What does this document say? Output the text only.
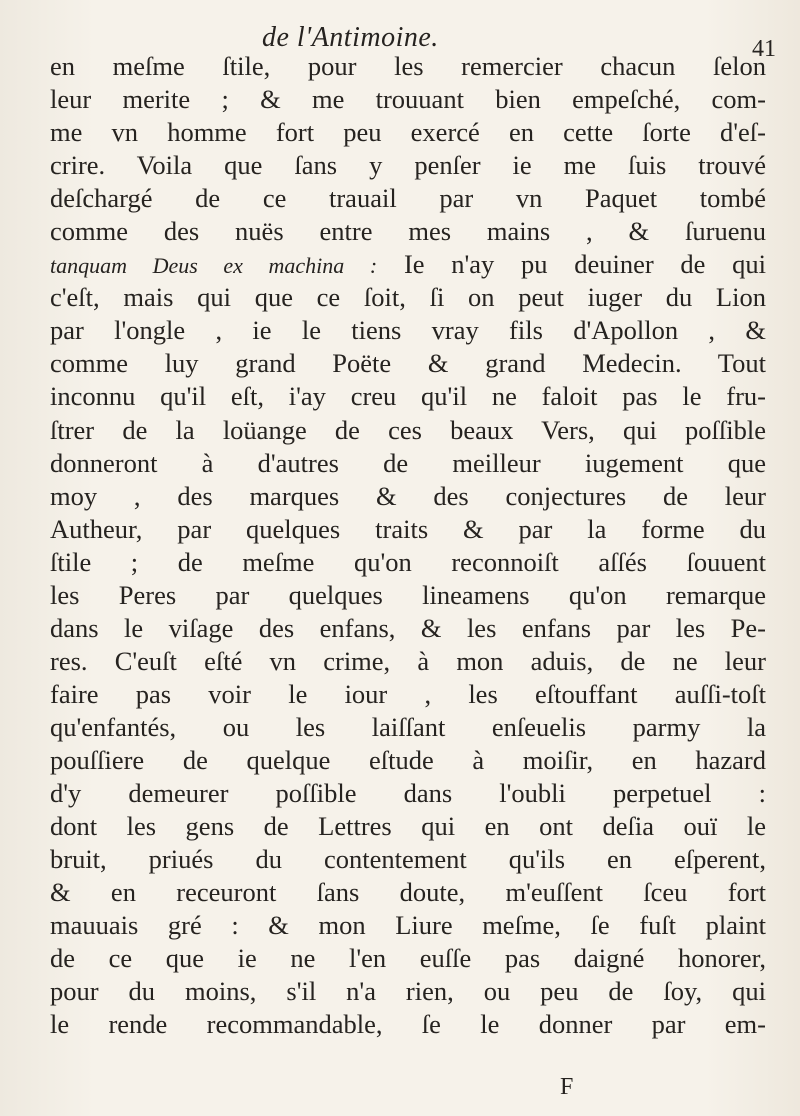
de l'Antimoine.	41
en meſme ſtile, pour les remercier chacun ſelon
leur merite ; & me trouuant bien empeſché, com-
me vn homme fort peu exercé en cette ſorte d'eſ-
crire. Voila que ſans y penſer ie me ſuis trouvé
deſchargé de ce trauail par vn Paquet tombé
comme des nuës entre mes mains , & ſuruenu
tanquam Deus ex machina : Ie n'ay pu deuiner de qui
c'eſt, mais qui que ce ſoit, ſi on peut iuger du Lion
par l'ongle , ie le tiens vray fils d'Apollon , &
comme luy grand Poëte & grand Medecin. Tout
inconnu qu'il eſt, i'ay creu qu'il ne faloit pas le fru-
ſtrer de la loüange de ces beaux Vers, qui poſſible
donneront à d'autres de meilleur iugement que
moy , des marques & des conjectures de leur
Autheur, par quelques traits & par la forme du
ſtile ; de meſme qu'on reconnoiſt aſſés ſouuent
les Peres par quelques lineamens qu'on remarque
dans le viſage des enfans, & les enfans par les Pe-
res. C'euſt eſté vn crime, à mon aduis, de ne leur
faire pas voir le iour , les eſtouffant auſſi-toſt
qu'enfantés, ou les laiſſant enſeuelis parmy la
pouſſiere de quelque eſtude à moiſir, en hazard
d'y demeurer poſſible dans l'oubli perpetuel :
dont les gens de Lettres qui en ont deſia ouï le
bruit, priués du contentement qu'ils en eſperent,
& en receuront ſans doute, m'euſſent ſceu fort
mauuais gré : & mon Liure meſme, ſe fuſt plaint
de ce que ie ne l'en euſſe pas daigné honorer,
pour du moins, s'il n'a rien, ou peu de ſoy, qui
le rende recommandable, ſe le donner par em-
F
